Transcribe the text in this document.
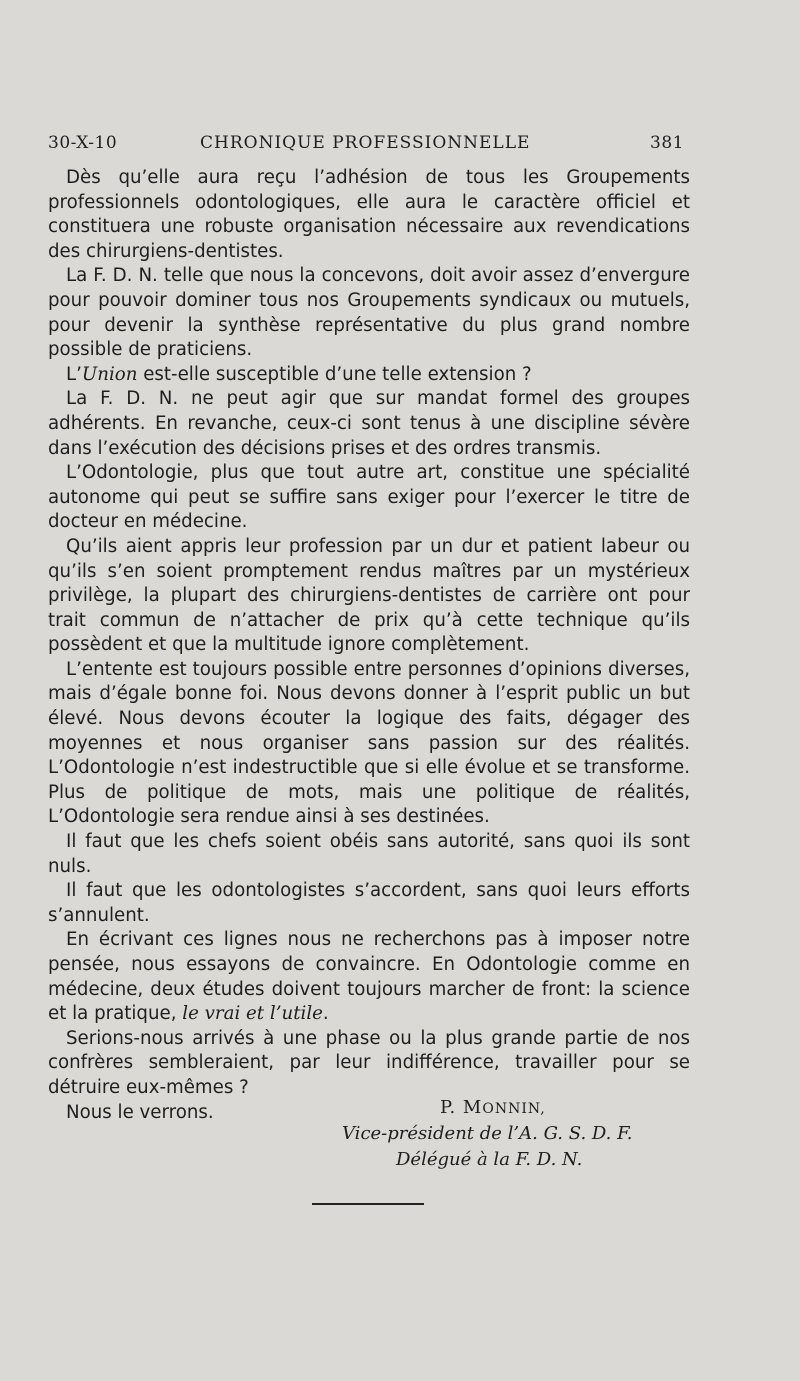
30-X-10	CHRONIQUE PROFESSIONNELLE	381

Dès qu’elle aura reçu l’adhésion de tous les Groupements professionnels odontologiques, elle aura le caractère officiel et constituera une robuste organisation nécessaire aux revendications des chirurgiens-dentistes.

La F. D. N. telle que nous la concevons, doit avoir assez d’envergure pour pouvoir dominer tous nos Groupements syndicaux ou mutuels, pour devenir la synthèse représentative du plus grand nombre possible de praticiens.

L’Union est-elle susceptible d’une telle extension ?

La F. D. N. ne peut agir que sur mandat formel des groupes adhérents. En revanche, ceux-ci sont tenus à une discipline sévère dans l’exécution des décisions prises et des ordres transmis.

L’Odontologie, plus que tout autre art, constitue une spécialité autonome qui peut se suffire sans exiger pour l’exercer le titre de docteur en médecine.

Qu’ils aient appris leur profession par un dur et patient labeur ou qu’ils s’en soient promptement rendus maîtres par un mystérieux privilège, la plupart des chirurgiens-dentistes de carrière ont pour trait commun de n’attacher de prix qu’à cette technique qu’ils possèdent et que la multitude ignore complètement.

L’entente est toujours possible entre personnes d’opinions diverses, mais d’égale bonne foi. Nous devons donner à l’esprit public un but élevé. Nous devons écouter la logique des faits, dégager des moyennes et nous organiser sans passion sur des réalités. L’Odontologie n’est indestructible que si elle évolue et se transforme. Plus de politique de mots, mais une politique de réalités, L’Odontologie sera rendue ainsi à ses destinées.

Il faut que les chefs soient obéis sans autorité, sans quoi ils sont nuls.

Il faut que les odontologistes s’accordent, sans quoi leurs efforts s’annulent.

En écrivant ces lignes nous ne recherchons pas à imposer notre pensée, nous essayons de convaincre. En Odontologie comme en médecine, deux études doivent toujours marcher de front: la science et la pratique, le vrai et l’utile.

Serions-nous arrivés à une phase ou la plus grande partie de nos confrères sembleraient, par leur indifférence, travailler pour se détruire eux-mêmes ?

Nous le verrons.	P. MONNIN,
Vice-président de l’A. G. S. D. F.
Délégué à la F. D. N.
